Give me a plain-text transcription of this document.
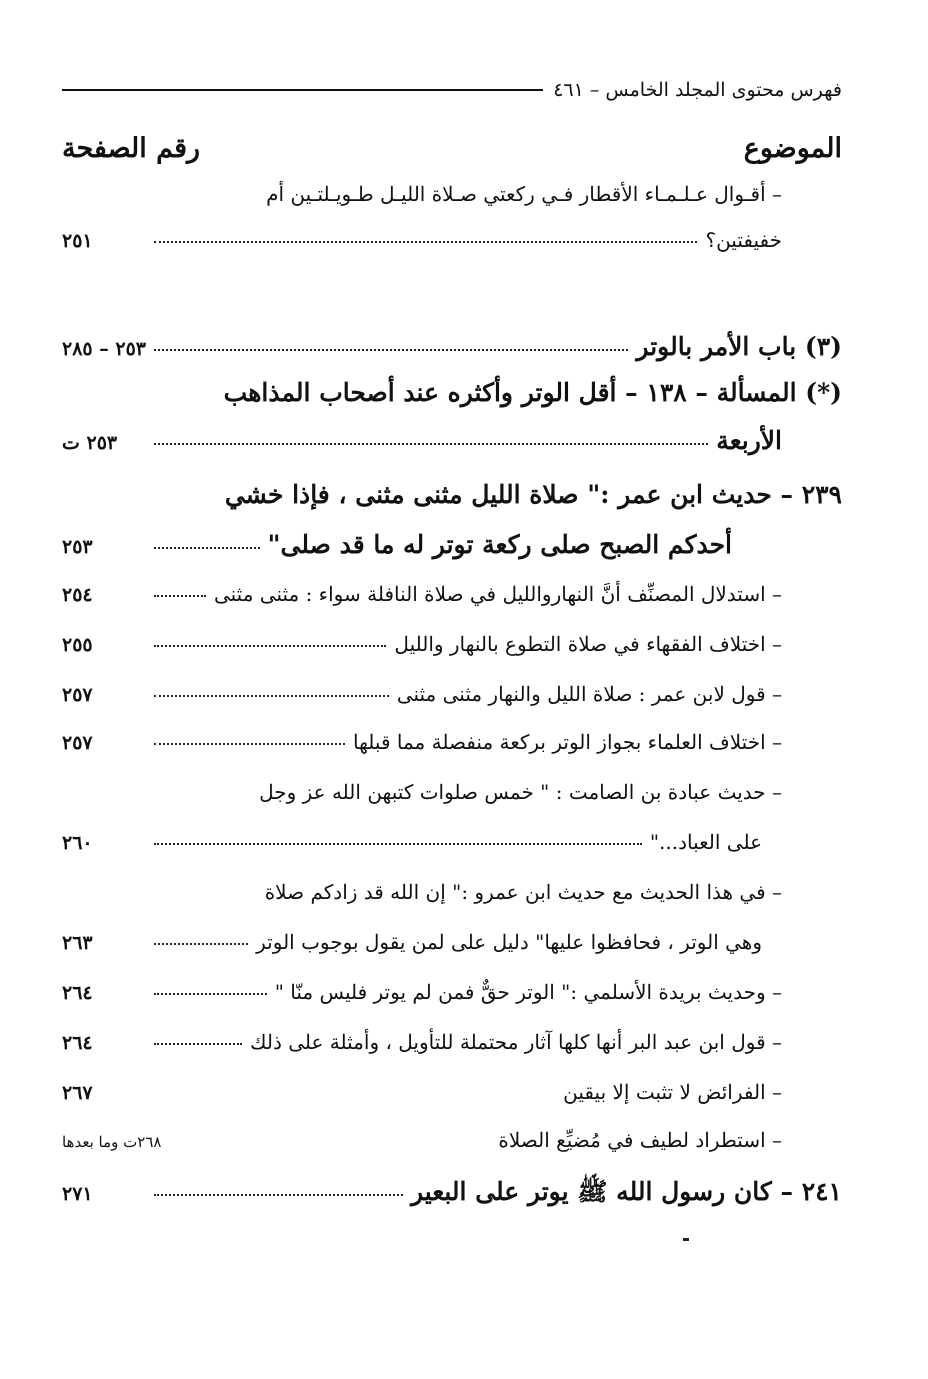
فهرس محتوى المجلد الخامس – ٤٦١
الموضوع
رقم الصفحة
– أقـوال عـلـمـاء الأقطار فـي ركعتي صـلاة الليـل طـويـلتـين أم
خفيفتين؟
٢٥١
(٣) باب الأمر بالوتر
٢٥٣ – ٢٨٥
(*) المسألة – ١٣٨ – أقل الوتر وأكثره عند أصحاب المذاهب
الأربعة
٢٥٣ ت
٢٣٩ – حديث ابن عمر :" صلاة الليل مثنى مثنى ، فإذا خشي
أحدكم الصبح صلى ركعة توتر له ما قد صلى"
٢٥٣
– استدلال المصنِّف أنَّ النهاروالليل في صلاة النافلة سواء : مثنى مثنى
٢٥٤
– اختلاف الفقهاء في صلاة التطوع بالنهار والليل
٢٥٥
– قول لابن عمر : صلاة الليل والنهار مثنى مثنى
٢٥٧
– اختلاف العلماء بجواز الوتر بركعة منفصلة مما قبلها
٢٥٧
– حديث عبادة بن الصامت : " خمس صلوات كتبهن الله عز وجل
على العباد..."
٢٦٠
– في هذا الحديث مع حديث ابن عمرو :" إن الله قد زادكم صلاة
وهي الوتر ، فحافظوا عليها" دليل على لمن يقول بوجوب الوتر
٢٦٣
– وحديث بريدة الأسلمي :" الوتر حقٌّ فمن لم يوتر فليس منّا "
٢٦٤
– قول ابن عبد البر أنها كلها آثار محتملة للتأويل ، وأمثلة على ذلك
٢٦٤
– الفرائض لا تثبت إلا بيقين
٢٦٧
– استطراد لطيف في مُضيِّع الصلاة
٢٦٨ت وما بعدها
٢٤١ – كان رسول الله ﷺ يوتر على البعير
٢٧١
